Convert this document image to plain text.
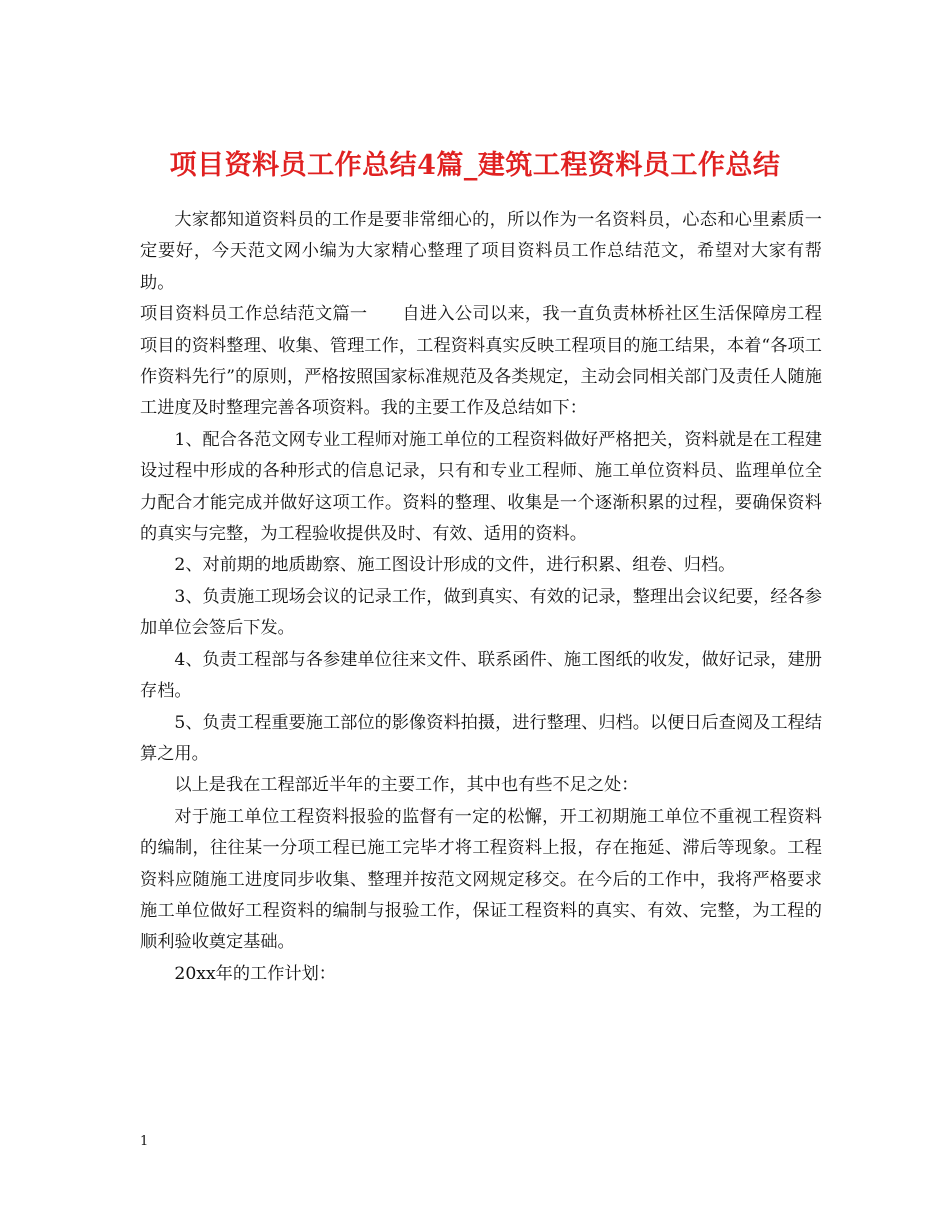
项目资料员工作总结4篇_建筑工程资料员工作总结

大家都知道资料员的工作是要非常细心的，所以作为一名资料员，心态和心里素质一定要好，今天范文网小编为大家精心整理了项目资料员工作总结范文，希望对大家有帮助。

项目资料员工作总结范文篇一　　自进入公司以来，我一直负责林桥社区生活保障房工程项目的资料整理、收集、管理工作，工程资料真实反映工程项目的施工结果，本着“各项工作资料先行”的原则，严格按照国家标准规范及各类规定，主动会同相关部门及责任人随施工进度及时整理完善各项资料。我的主要工作及总结如下：

1、配合各范文网专业工程师对施工单位的工程资料做好严格把关，资料就是在工程建设过程中形成的各种形式的信息记录，只有和专业工程师、施工单位资料员、监理单位全力配合才能完成并做好这项工作。资料的整理、收集是一个逐渐积累的过程，要确保资料的真实与完整，为工程验收提供及时、有效、适用的资料。

2、对前期的地质勘察、施工图设计形成的文件，进行积累、组卷、归档。

3、负责施工现场会议的记录工作，做到真实、有效的记录，整理出会议纪要，经各参加单位会签后下发。

4、负责工程部与各参建单位往来文件、联系函件、施工图纸的收发，做好记录，建册存档。

5、负责工程重要施工部位的影像资料拍摄，进行整理、归档。以便日后查阅及工程结算之用。

以上是我在工程部近半年的主要工作，其中也有些不足之处：

对于施工单位工程资料报验的监督有一定的松懈，开工初期施工单位不重视工程资料的编制，往往某一分项工程已施工完毕才将工程资料上报，存在拖延、滞后等现象。工程资料应随施工进度同步收集、整理并按范文网规定移交。在今后的工作中，我将严格要求施工单位做好工程资料的编制与报验工作，保证工程资料的真实、有效、完整，为工程的顺利验收奠定基础。

20xx年的工作计划：

1
